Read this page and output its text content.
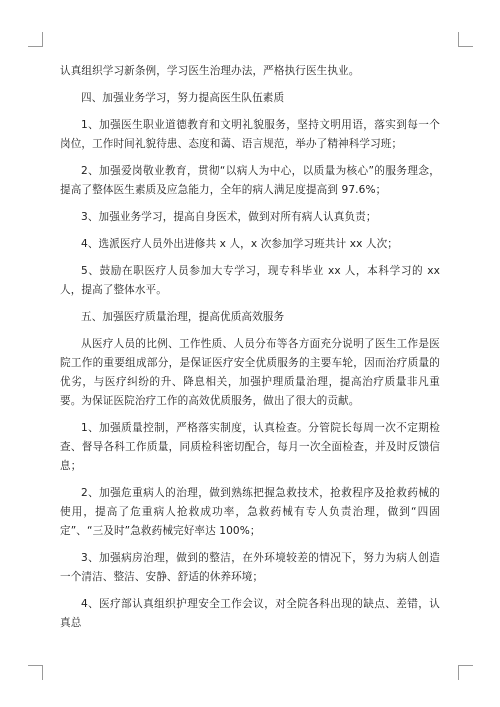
认真组织学习新条例，学习医生治理办法，严格执行医生执业。

四、加强业务学习，努力提高医生队伍素质

1、加强医生职业道德教育和文明礼貌服务，坚持文明用语，落实到每一个岗位，工作时间礼貌待患、态度和蔼、语言规范，举办了精神科学习班；

2、加强爱岗敬业教育，贯彻“以病人为中心，以质量为核心”的服务理念，提高了整体医生素质及应急能力，全年的病人满足度提高到 97.6%；

3、加强业务学习，提高自身医术，做到对所有病人认真负责；

4、选派医疗人员外出进修共 x 人，x 次参加学习班共计 xx 人次；

5、鼓励在职医疗人员参加大专学习，现专科毕业 xx 人，本科学习的 xx 人，提高了整体水平。

五、加强医疗质量治理，提高优质高效服务

从医疗人员的比例、工作性质、人员分布等各方面充分说明了医生工作是医院工作的重要组成部分，是保证医疗安全优质服务的主要车轮，因而治疗质量的优劣，与医疗纠纷的升、降息相关，加强护理质量治理，提高治疗质量非凡重要。为保证医院治疗工作的高效优质服务，做出了很大的贡献。

1、加强质量控制，严格落实制度，认真检查。分管院长每周一次不定期检查、督导各科工作质量，同质检科密切配合，每月一次全面检查，并及时反馈信息；

2、加强危重病人的治理，做到熟练把握急救技术，抢救程序及抢救药械的使用，提高了危重病人抢救成功率，急救药械有专人负责治理，做到“四固定”、“三及时”急救药械完好率达 100%；

3、加强病房治理，做到的整洁，在外环境较差的情况下，努力为病人创造一个清洁、整洁、安静、舒适的休养环境；

4、医疗部认真组织护理安全工作会议，对全院各科出现的缺点、差错，认真总
